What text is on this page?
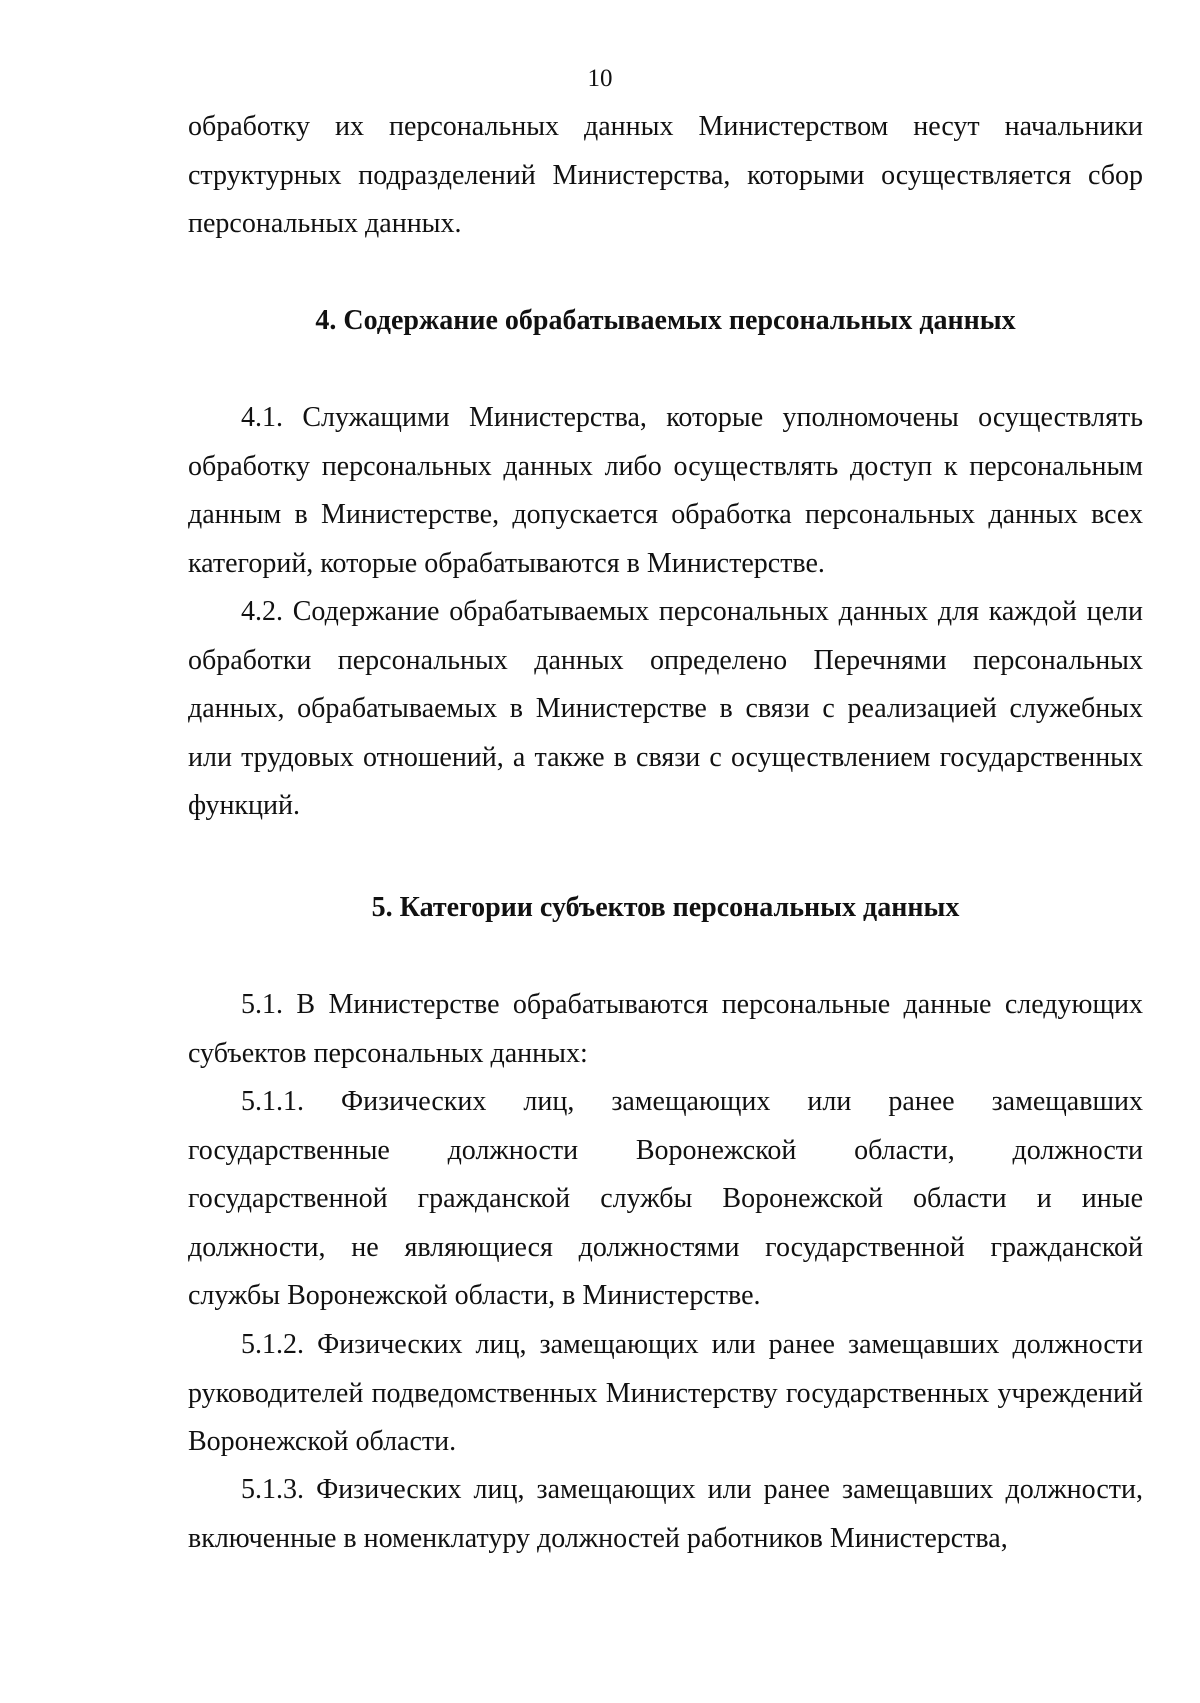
10

обработку их персональных данных Министерством несут начальники структурных подразделений Министерства, которыми осуществляется сбор персональных данных.

4. Содержание обрабатываемых персональных данных

4.1. Служащими Министерства, которые уполномочены осуществлять обработку персональных данных либо осуществлять доступ к персональным данным в Министерстве, допускается обработка персональных данных всех категорий, которые обрабатываются в Министерстве.

4.2. Содержание обрабатываемых персональных данных для каждой цели обработки персональных данных определено Перечнями персональных данных, обрабатываемых в Министерстве в связи с реализацией служебных или трудовых отношений, а также в связи с осуществлением государственных функций.

5. Категории субъектов персональных данных

5.1. В Министерстве обрабатываются персональные данные следующих субъектов персональных данных:

5.1.1. Физических лиц, замещающих или ранее замещавших государственные должности Воронежской области, должности государственной гражданской службы Воронежской области и иные должности, не являющиеся должностями государственной гражданской службы Воронежской области, в Министерстве.

5.1.2. Физических лиц, замещающих или ранее замещавших должности руководителей подведомственных Министерству государственных учреждений Воронежской области.

5.1.3. Физических лиц, замещающих или ранее замещавших должности, включенные в номенклатуру должностей работников Министерства,
